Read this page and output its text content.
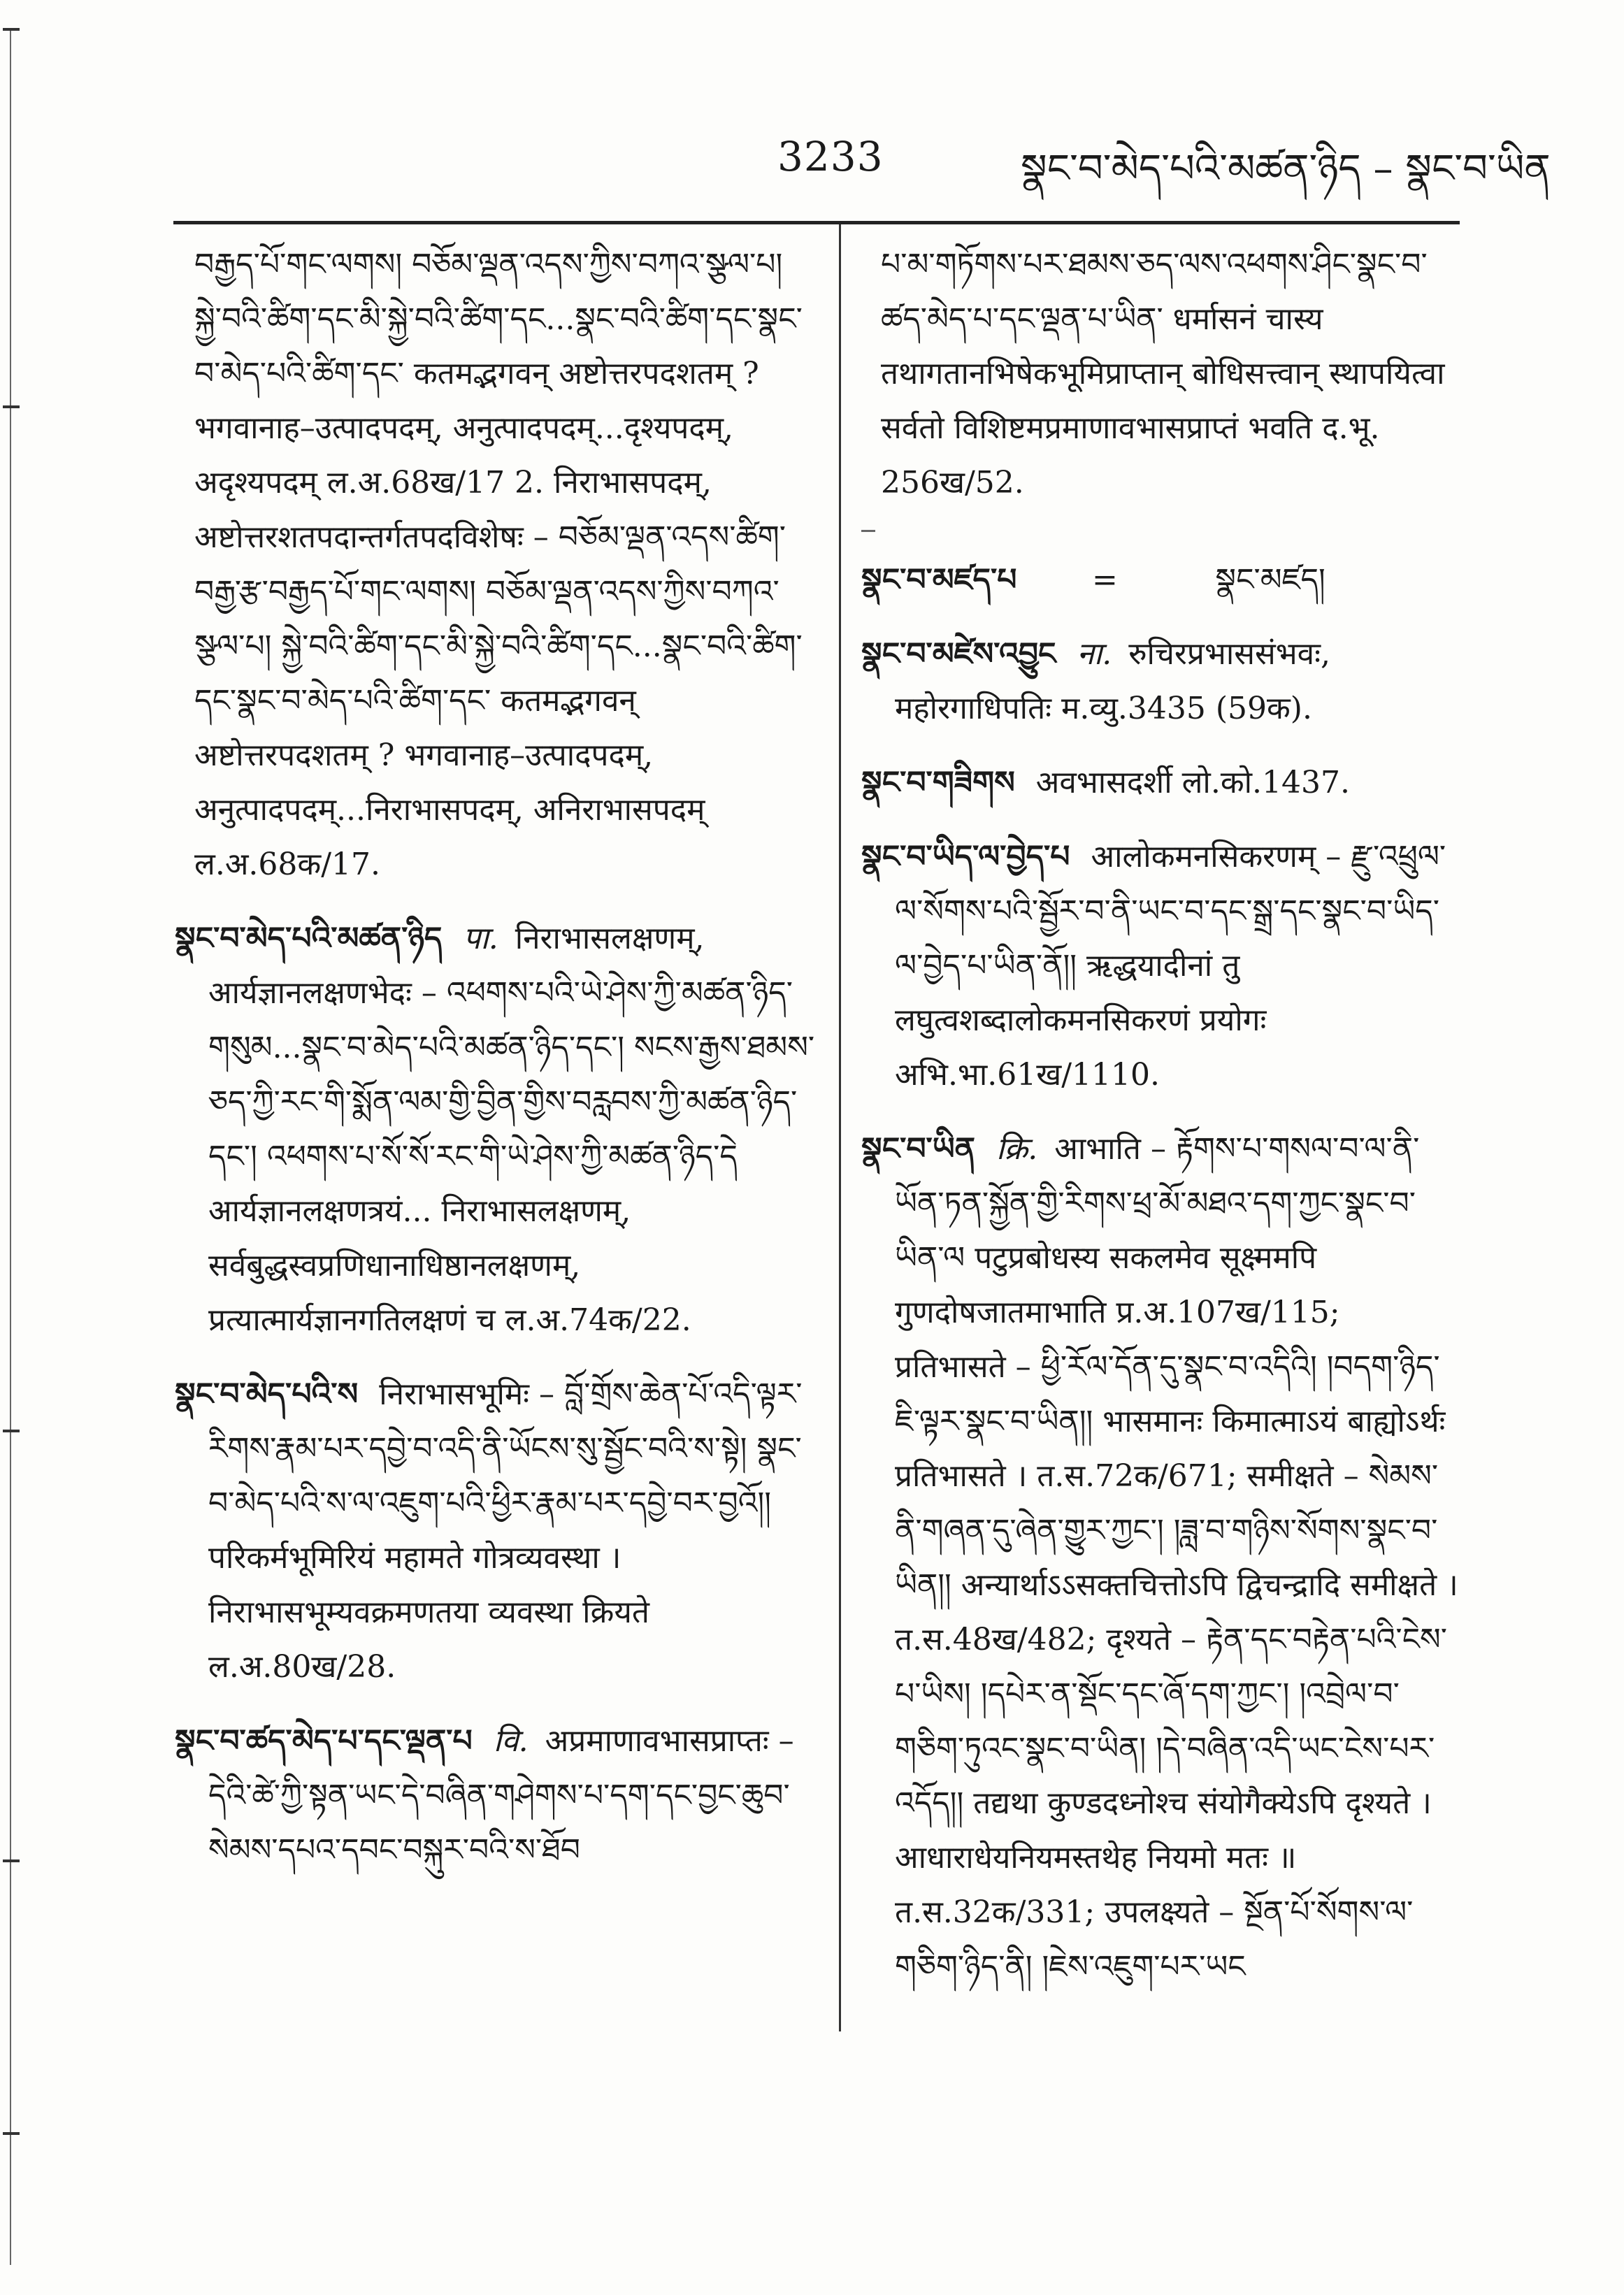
3233	སྣང་བ་མེད་པའི་མཚན་ཉིད – སྣང་བ་ཡིན

བརྒྱད་པོ་གང་ལགས། བཅོམ་ལྡན་འདས་ཀྱིས་བཀའ་སྩལ་པ། སྐྱེ་བའི་ཚིག་དང་མི་སྐྱེ་བའི་ཚིག་དང...སྣང་བའི་ཚིག་དང་སྣང་བ་མེད་པའི་ཚིག་དང་ कतमद्भगवन् अष्टोत्तरपदशतम् ? भगवानाह–उत्पादपदम्, अनुत्पादपदम्...दृश्यपदम्, अदृश्यपदम् ल.अ.68ख/17 2. निराभासपदम्, अष्टोत्तरशतपदान्तर्गतपदविशेषः – བཅོམ་ལྡན་འདས་ཚིག་བརྒྱ་རྩ་བརྒྱད་པོ་གང་ལགས། བཅོམ་ལྡན་འདས་ཀྱིས་བཀའ་སྩལ་པ། སྐྱེ་བའི་ཚིག་དང་མི་སྐྱེ་བའི་ཚིག་དང...སྣང་བའི་ཚིག་དང་སྣང་བ་མེད་པའི་ཚིག་དང་ कतमद्भगवन् अष्टोत्तरपदशतम् ? भगवानाह–उत्पादपदम्, अनुत्पादपदम्...निराभासपदम्, अनिराभासपदम् ल.अ.68क/17.

སྣང་བ་མེད་པའི་མཚན་ཉིད पा. निराभासलक्षणम्, आर्यज्ञानलक्षणभेदः – འཕགས་པའི་ཡེ་ཤེས་ཀྱི་མཚན་ཉིད་གསུམ...སྣང་བ་མེད་པའི་མཚན་ཉིད་དང༌། སངས་རྒྱས་ཐམས་ཅད་ཀྱི་རང་གི་སྨོན་ལམ་གྱི་བྱིན་གྱིས་བརླབས་ཀྱི་མཚན་ཉིད་དང༌། འཕགས་པ་སོ་སོ་རང་གི་ཡེ་ཤེས་ཀྱི་མཚན་ཉིད་དེ आर्यज्ञानलक्षणत्रयं... निराभासलक्षणम्, सर्वबुद्धस्वप्रणिधानाधिष्ठानलक्षणम्, प्रत्यात्मार्यज्ञानगतिलक्षणं च ल.अ.74क/22.

སྣང་བ་མེད་པའི་ས निराभासभूमिः – བློ་གྲོས་ཆེན་པོ་འདི་ལྟར་རིགས་རྣམ་པར་དབྱེ་བ་འདི་ནི་ཡོངས་སུ་སྦྱོང་བའི་ས་སྟེ། སྣང་བ་མེད་པའི་ས་ལ་འཇུག་པའི་ཕྱིར་རྣམ་པར་དབྱེ་བར་བྱའོ།། परिकर्मभूमिरियं महामते गोत्रव्यवस्था । निराभासभूम्यवक्रमणतया व्यवस्था क्रियते ल.अ.80ख/28.

སྣང་བ་ཚད་མེད་པ་དང་ལྡན་པ वि. अप्रमाणावभासप्राप्तः – དེའི་ཚེ་ཀྱི་སྟན་ཡང་དེ་བཞིན་གཤེགས་པ་དག་དང་བྱང་ཆུབ་སེམས་དཔའ་དབང་བསྐུར་བའི་ས་ཐོབ

པ་མ་གཏོགས་པར་ཐམས་ཅད་ལས་འཕགས་ཤིང་སྣང་བ་ཚད་མེད་པ་དང་ལྡན་པ་ཡིན་ धर्मासनं चास्य तथागतानभिषेकभूमिप्राप्तान् बोधिसत्त्वान् स्थापयित्वा सर्वतो विशिष्टमप्रमाणावभासप्राप्तं भवति द.भू. 256ख/52.

སྣང་བ་མཛད་པ =	སྣང་མཛད།

སྣང་བ་མཛེས་འབྱུང ना. रुचिरप्रभाससंभवः, महोरगाधिपतिः म.व्यु.3435 (59क).

སྣང་བ་གཟིགས अवभासदर्शी लो.को.1437.

སྣང་བ་ཡིད་ལ་བྱེད་པ आलोकमनसिकरणम् – རྫུ་འཕྲུལ་ལ་སོགས་པའི་སྦྱོར་བ་ནི་ཡང་བ་དང་སྒྲ་དང་སྣང་བ་ཡིད་ལ་བྱེད་པ་ཡིན་ནོ།། ऋद्धयादीनां तु लघुत्वशब्दालोकमनसिकरणं प्रयोगः अभि.भा.61ख/1110.

སྣང་བ་ཡིན क्रि. आभाति – རྟོགས་པ་གསལ་བ་ལ་ནི་ཡོན་ཏན་སྐྱོན་གྱི་རིགས་ཕྲ་མོ་མཐའ་དག་ཀྱང་སྣང་བ་ཡིན་ལ पटुप्रबोधस्य सकलमेव सूक्ष्ममपि गुणदोषजातमाभाति प्र.अ.107ख/115; प्रतिभासते – ཕྱི་རོལ་དོན་དུ་སྣང་བ་འདིའི། །བདག་ཉིད་ཇི་ལྟར་སྣང་བ་ཡིན།། भासमानः किमात्माऽयं बाह्योऽर्थः प्रतिभासते । त.स.72क/671; समीक्षते – སེམས་ནི་གཞན་དུ་ཞེན་གྱུར་ཀྱང༌། །ཟླ་བ་གཉིས་སོགས་སྣང་བ་ཡིན།། अन्यार्थाऽऽसक्तचित्तोऽपि द्विचन्द्रादि समीक्षते । त.स.48ख/482; दृश्यते – རྟེན་དང་བརྟེན་པའི་ངེས་པ་ཡིས། །དཔེར་ན་སྡོང་དང་ཞོ་དག་ཀྱང༌། །འབྲེལ་བ་གཅིག་ཏུའང་སྣང་བ་ཡིན། །དེ་བཞིན་འདི་ཡང་ངེས་པར་འདོད།། तद्यथा कुण्डदध्नोश्च संयोगैक्येऽपि दृश्यते । आधाराधेयनियमस्तथेह नियमो मतः ॥ त.स.32क/331; उपलक्ष्यते – སྔོན་པོ་སོགས་ལ་གཅིག་ཉིད་ནི། །ཇེས་འཇུག་པར་ཡང
